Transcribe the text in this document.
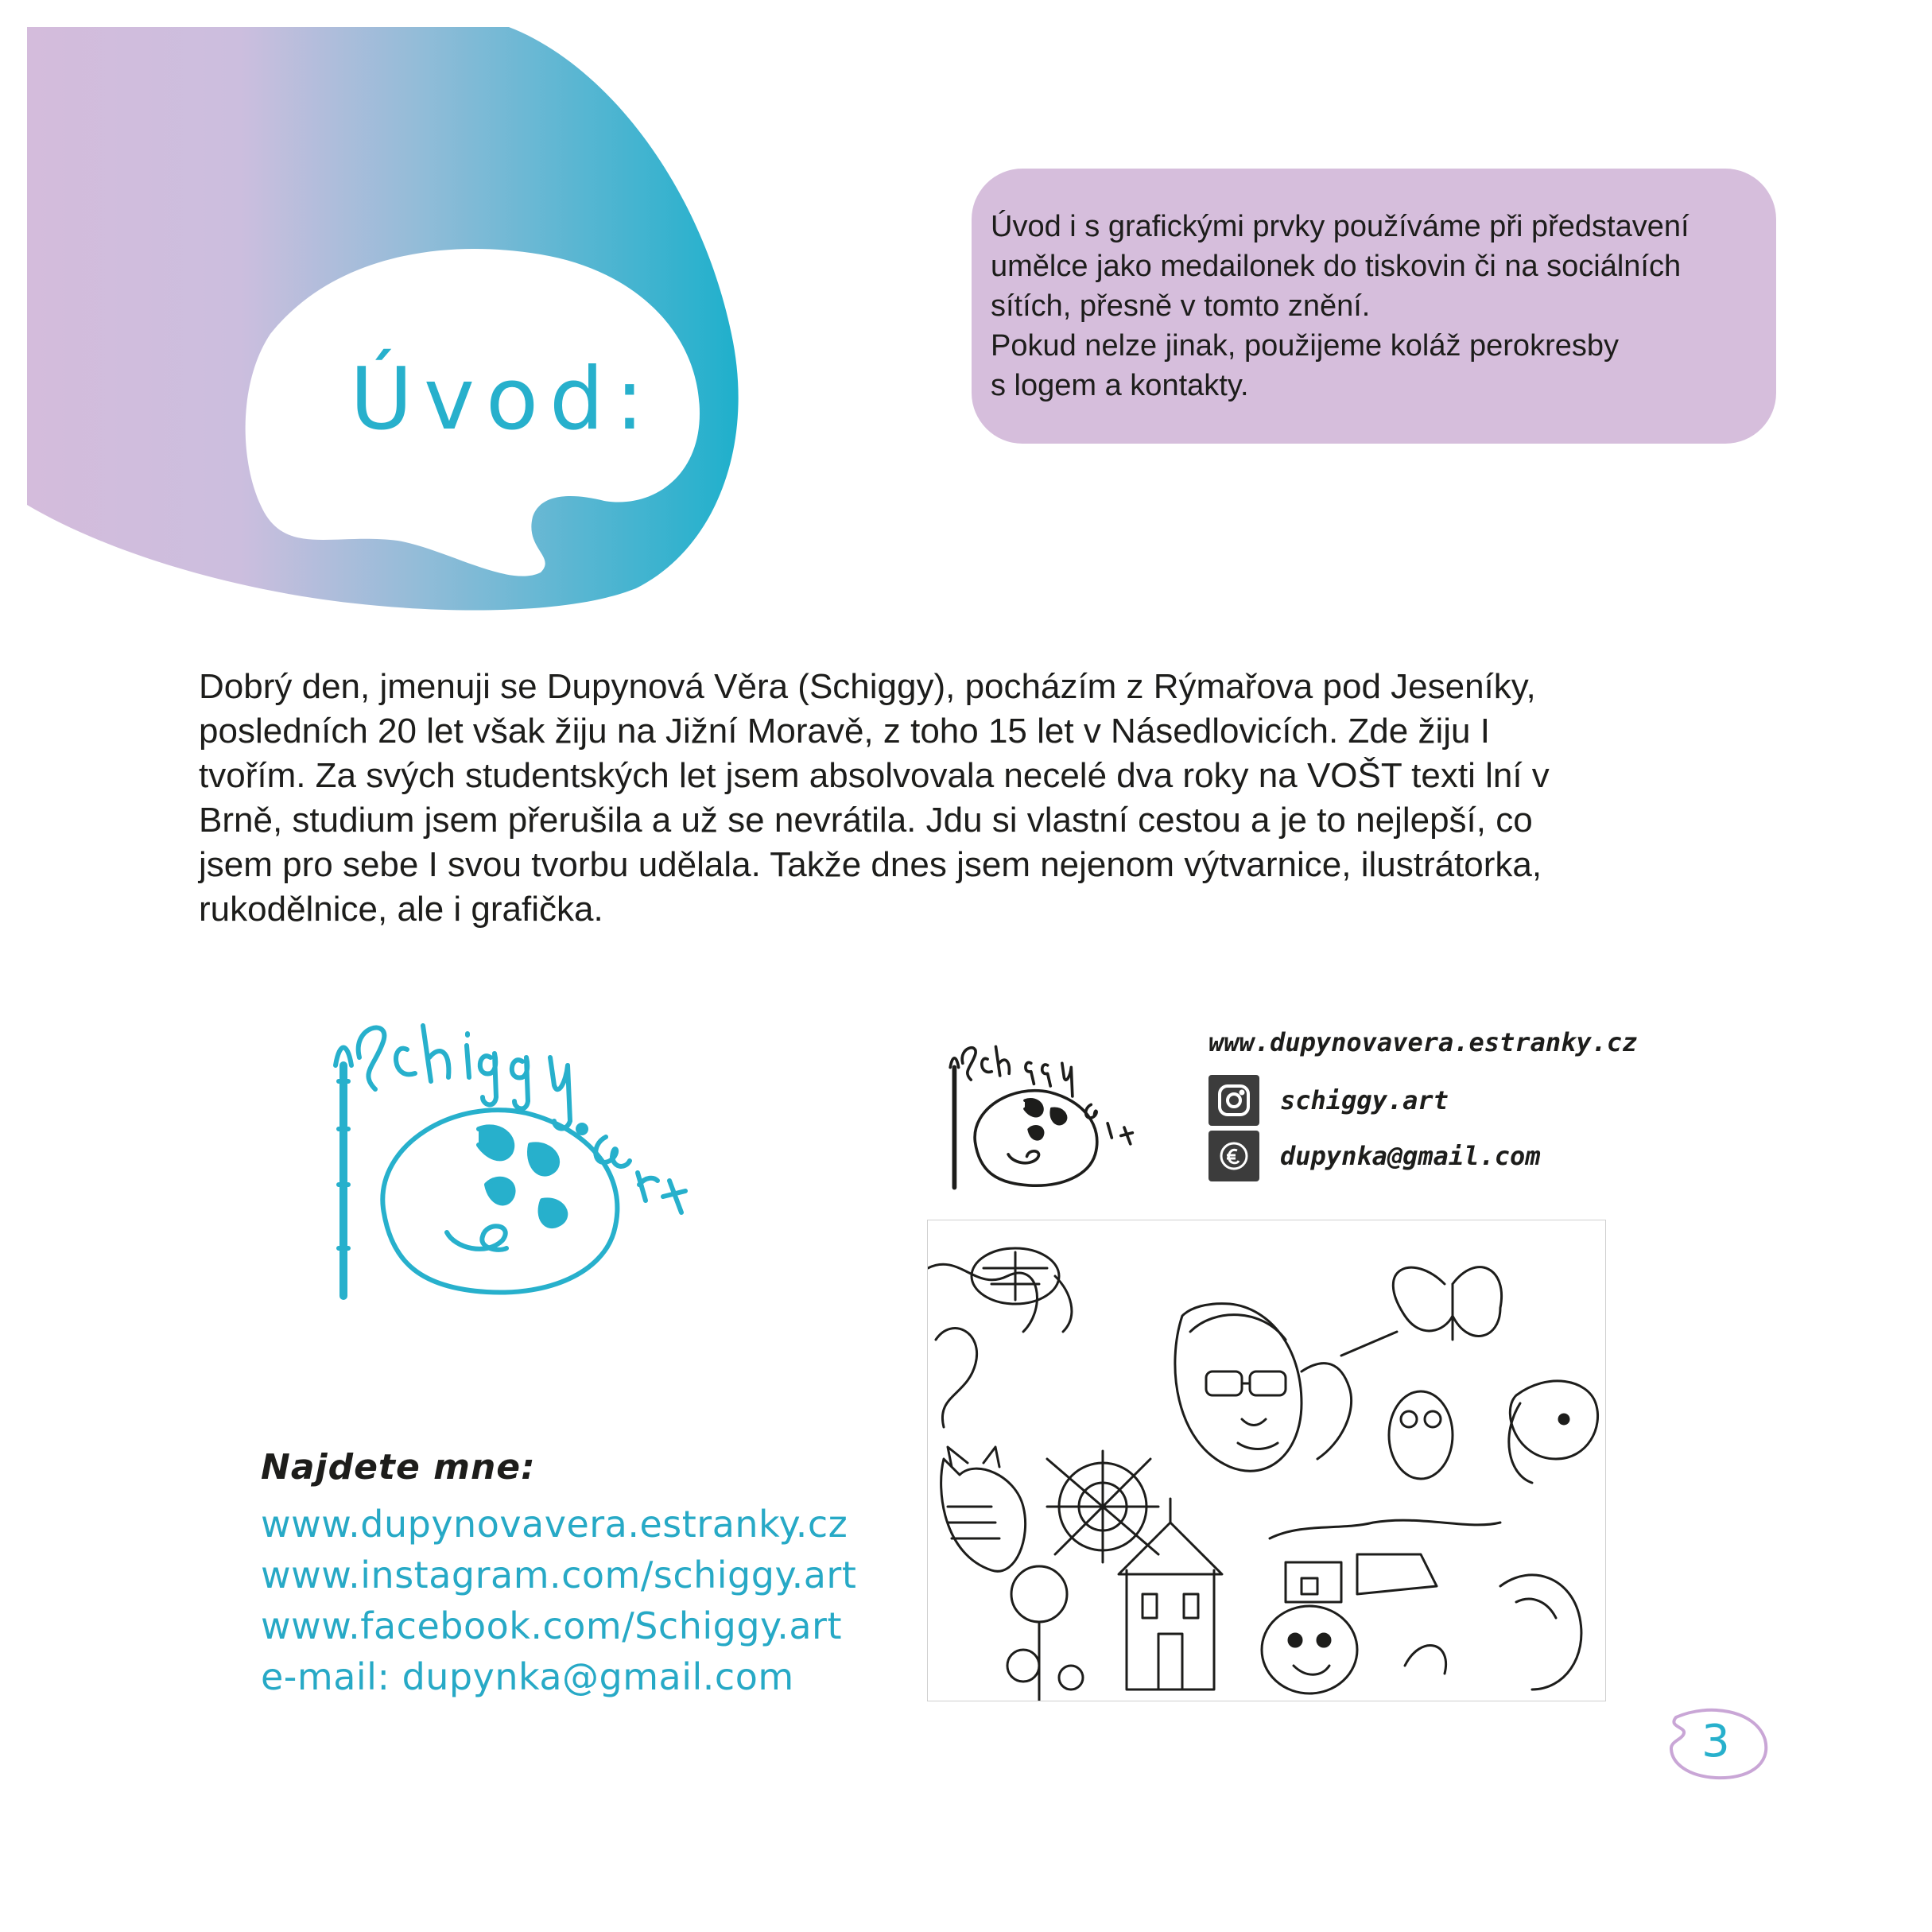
Úvod:

Úvod i s grafickými prvky používáme při představení

umělce jako medailonek do tiskovin či na sociálních

sítích, přesně v tomto znění.

Pokud nelze jinak, použijeme koláž perokresby

s logem a kontakty.

Dobrý den, jmenuji se Dupynová Věra (Schiggy), pocházím z Rýmařova pod Jeseníky,

posledních 20 let však žiju na Jižní Moravě, z toho 15 let v Násedlovicích. Zde žiju I

tvořím. Za svých studentských let jsem absolvovala necelé dva roky na VOŠT texti lní v

Brně, studium jsem přerušila a už se nevrátila. Jdu si vlastní cestou a je to nejlepší, co

jsem pro sebe I svou tvorbu udělala. Takže dnes jsem nejenom výtvarnice, ilustrátorka,

rukodělnice, ale i grafička.

www.dupynovavera.estranky.cz
schiggy.art
dupynka@gmail.com
Najdete mne:
www.dupynovavera.estranky.cz
www.instagram.com/schiggy.art
www.facebook.com/Schiggy.art
e-mail: dupynka@gmail.com
3
